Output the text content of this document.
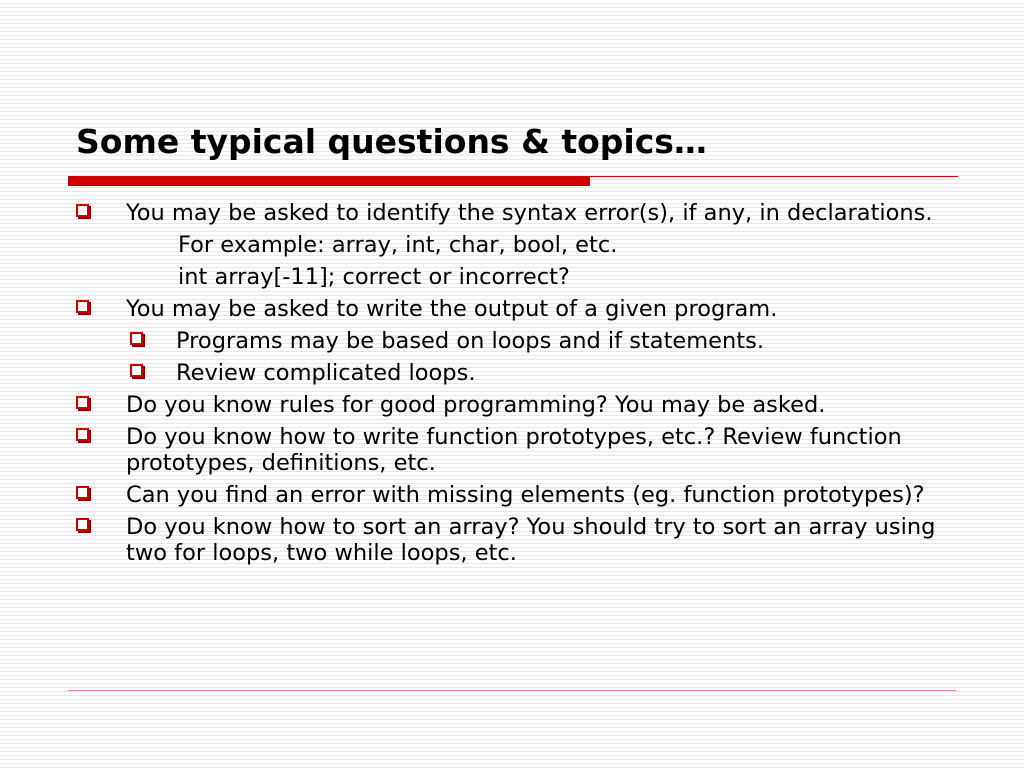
Some typical questions & topics…
You may be asked to identify the syntax error(s), if any, in declarations.
For example: array, int, char, bool, etc.
int array[-11]; correct or incorrect?
You may be asked to write the output of a given program.
Programs may be based on loops and if statements.
Review complicated loops.
Do you know rules for good programming? You may be asked.
Do you know how to write function prototypes, etc.? Review function prototypes, definitions, etc.
Can you find an error with missing elements (eg. function prototypes)?
Do you know how to sort an array? You should try to sort an array using two for loops, two while loops, etc.
